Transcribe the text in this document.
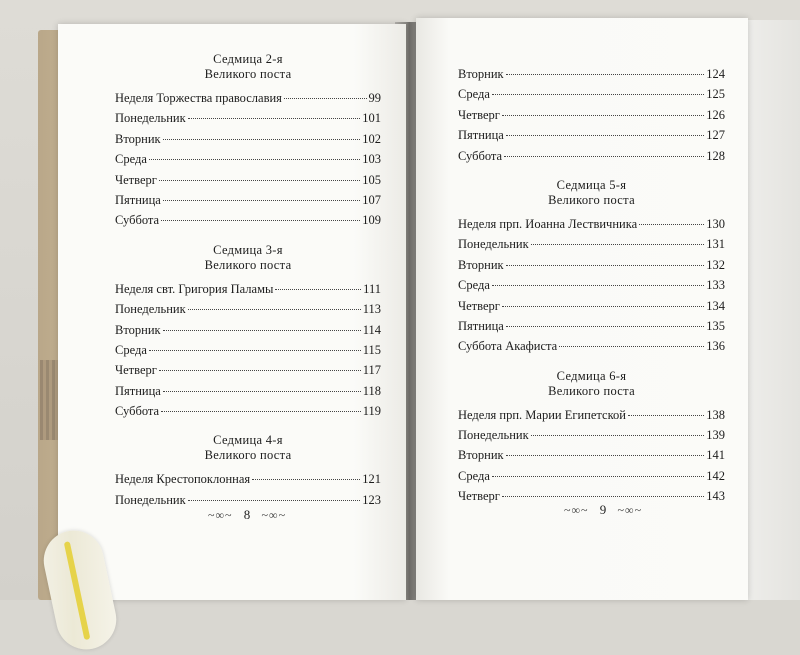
Седмица 2-я
Великого поста
Неделя Торжества православия	99
Понедельник	101
Вторник	102
Среда	103
Четверг	105
Пятница	107
Суббота	109
Седмица 3-я
Великого поста
Неделя свт. Григория Паламы	111
Понедельник	113
Вторник	114
Среда	115
Четверг	117
Пятница	118
Суббота	119
Седмица 4-я
Великого поста
Неделя Крестопоклонная	121
Понедельник	123
~∞~ 8 ~∞~
Вторник	124
Среда	125
Четверг	126
Пятница	127
Суббота	128
Седмица 5-я
Великого поста
Неделя прп. Иоанна Лествичника	130
Понедельник	131
Вторник	132
Среда	133
Четверг	134
Пятница	135
Суббота Акафиста	136
Седмица 6-я
Великого поста
Неделя прп. Марии Египетской	138
Понедельник	139
Вторник	141
Среда	142
Четверг	143
~∞~ 9 ~∞~
